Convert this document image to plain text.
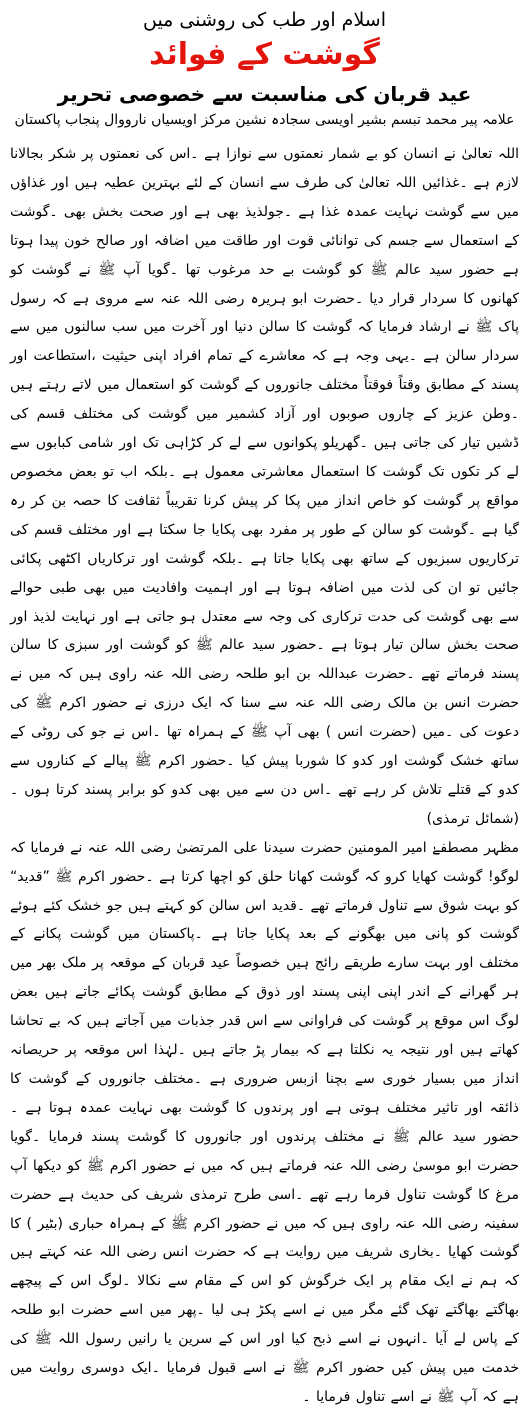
اسلام اور طب کی روشنی میں
گوشت کے فوائد
عید قربان کی مناسبت سے خصوصی تحریر
علامہ پیر محمد تبسم بشیر اویسی سجادہ نشین مرکز اویسیاں نارووال پنجاب پاکستان

اللہ تعالیٰ نے انسان کو بے شمار نعمتوں سے نوازا ہے ۔اس کی نعمتوں پر شکر بجالانا لازم ہے ۔غذائیں اللہ تعالیٰ کی طرف سے انسان کے لئے بہترین عطیہ ہیں اور غذاؤں میں سے گوشت نہایت عمدہ غذا ہے ۔جولذیذ بھی ہے اور صحت بخش بھی ۔گوشت کے استعمال سے جسم کی توانائی قوت اور طاقت میں اضافہ اور صالح خون پیدا ہوتا ہے حضور سید عالم ﷺ کو گوشت بے حد مرغوب تھا ۔گویا آپ ﷺ نے گوشت کو کھانوں کا سردار قرار دیا ۔حضرت ابو ہریرہ رضی اللہ عنہ سے مروی ہے کہ رسول پاک ﷺ نے ارشاد فرمایا کہ گوشت کا سالن دنیا اور آخرت میں سب سالنوں میں سے سردار سالن ہے ۔یہی وجہ ہے کہ معاشرے کے تمام افراد اپنی حیثیت ،استطاعت اور پسند کے مطابق وقتاً فوقتاً مختلف جانوروں کے گوشت کو استعمال میں لاتے رہتے ہیں ۔وطن عزیز کے چاروں صوبوں اور آزاد کشمیر میں گوشت کی مختلف قسم کی ڈشیں تیار کی جاتی ہیں ۔گھریلو پکوانوں سے لے کر کڑاہی تک اور شامی کبابوں سے لے کر تکوں تک گوشت کا استعمال معاشرتی معمول ہے ۔بلکہ اب تو بعض مخصوص مواقع پر گوشت کو خاص انداز میں پکا کر پیش کرنا تقریباً ثقافت کا حصہ بن کر رہ گیا ہے ۔گوشت کو سالن کے طور پر مفرد بھی پکایا جا سکتا ہے اور مختلف قسم کی ترکاریوں سبزیوں کے ساتھ بھی پکایا جاتا ہے ۔بلکہ گوشت اور ترکاریاں اکٹھی پکائی جائیں تو ان کی لذت میں اضافہ ہوتا ہے اور اہمیت وافادیت میں بھی طبی حوالے سے بھی گوشت کی حدت ترکاری کی وجہ سے معتدل ہو جاتی ہے اور نہایت لذیذ اور صحت بخش سالن تیار ہوتا ہے ۔حضور سید عالم ﷺ کو گوشت اور سبزی کا سالن پسند فرماتے تھے ۔حضرت عبداللہ بن ابو طلحہ رضی اللہ عنہ راوی ہیں کہ میں نے حضرت انس بن مالک رضی اللہ عنہ سے سنا کہ ایک درزی نے حضور اکرم ﷺ کی دعوت کی ۔میں (حضرت انس ) بھی آپ ﷺ کے ہمراہ تھا ۔اس نے جو کی روٹی کے ساتھ خشک گوشت اور کدو کا شوربا پیش کیا ۔حضور اکرم ﷺ پیالے کے کناروں سے کدو کے قتلے تلاش کر رہے تھے ۔اس دن سے میں بھی کدو کو برابر پسند کرتا ہوں ۔(شمائل ترمذی)

مظہر مصطفےٰ امیر المومنین حضرت سیدنا علی المرتضیٰ رضی اللہ عنہ نے فرمایا کہ لوگو! گوشت کھایا کرو کہ گوشت کھانا حلق کو اچھا کرتا ہے ۔حضور اکرم ﷺ ”قدید“ کو بہت شوق سے تناول فرماتے تھے ۔قدید اس سالن کو کہتے ہیں جو خشک کئے ہوئے گوشت کو پانی میں بھگونے کے بعد پکایا جاتا ہے ۔پاکستان میں گوشت پکانے کے مختلف اور بہت سارے طریقے رائج ہیں خصوصاً عید قربان کے موقعہ پر ملک بھر میں ہر گھرانے کے اندر اپنی اپنی پسند اور ذوق کے مطابق گوشت پکائے جاتے ہیں بعض لوگ اس موقع پر گوشت کی فراوانی سے اس قدر جذبات میں آجاتے ہیں کہ بے تحاشا کھاتے ہیں اور نتیجہ یہ نکلتا ہے کہ بیمار پڑ جاتے ہیں ۔لہٰذا اس موقعہ پر حریصانہ انداز میں بسیار خوری سے بچنا ازبس ضروری ہے ۔مختلف جانوروں کے گوشت کا ذائقہ اور تاثیر مختلف ہوتی ہے اور پرندوں کا گوشت بھی نہایت عمدہ ہوتا ہے ۔حضور سید عالم ﷺ نے مختلف پرندوں اور جانوروں کا گوشت پسند فرمایا ۔گویا حضرت ابو موسیٰ رضی اللہ عنہ فرماتے ہیں کہ میں نے حضور اکرم ﷺ کو دیکھا آپ مرغ کا گوشت تناول فرما رہے تھے ۔اسی طرح ترمذی شریف کی حدیث ہے حضرت سفینہ رضی اللہ عنہ راوی ہیں کہ میں نے حضور اکرم ﷺ کے ہمراہ حباری (بٹیر ) کا گوشت کھایا ۔بخاری شریف میں روایت ہے کہ حضرت انس رضی اللہ عنہ کہتے ہیں کہ ہم نے ایک مقام پر ایک خرگوش کو اس کے مقام سے نکالا ۔لوگ اس کے پیچھے بھاگتے بھاگتے تھک گئے مگر میں نے اسے پکڑ ہی لیا ۔پھر میں اسے حضرت ابو طلحہ کے پاس لے آیا ۔انہوں نے اسے ذبح کیا اور اس کے سرین یا رانیں رسول اللہ ﷺ کی خدمت میں پیش کیں حضور اکرم ﷺ نے اسے قبول فرمایا ۔ایک دوسری روایت میں ہے کہ آپ ﷺ نے اسے تناول فرمایا ۔
